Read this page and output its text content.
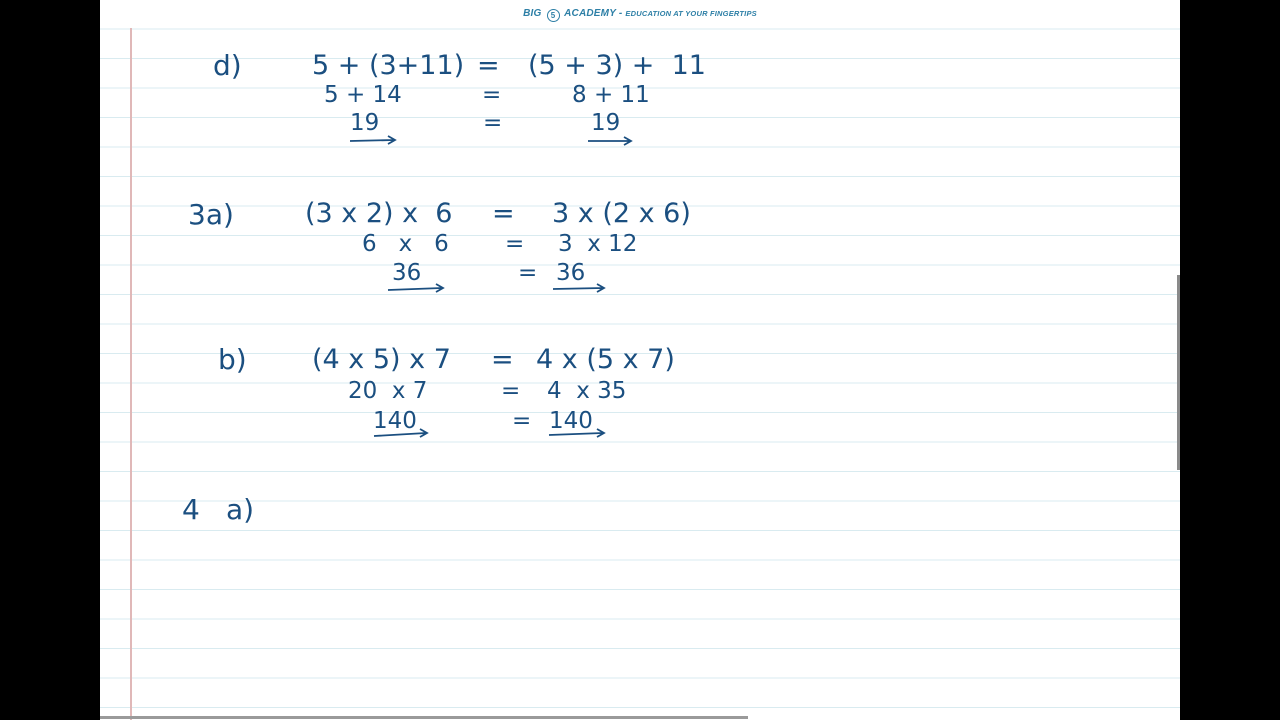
BIG 5 ACADEMY - EDUCATION AT YOUR FINGERTIPS
d)	5 + (3+11) = (5 + 3) +  11
5 + 14	=	8 + 11
19	=	19
3a)	(3 x 2) x  6 = 3 x (2 x 6)
6   x   6 = 3  x 12
36	= 36
b) (4 x 5) x 7 = 4 x (5 x 7)
20  x 7	= 4  x 35
140	= 140
4 a)
